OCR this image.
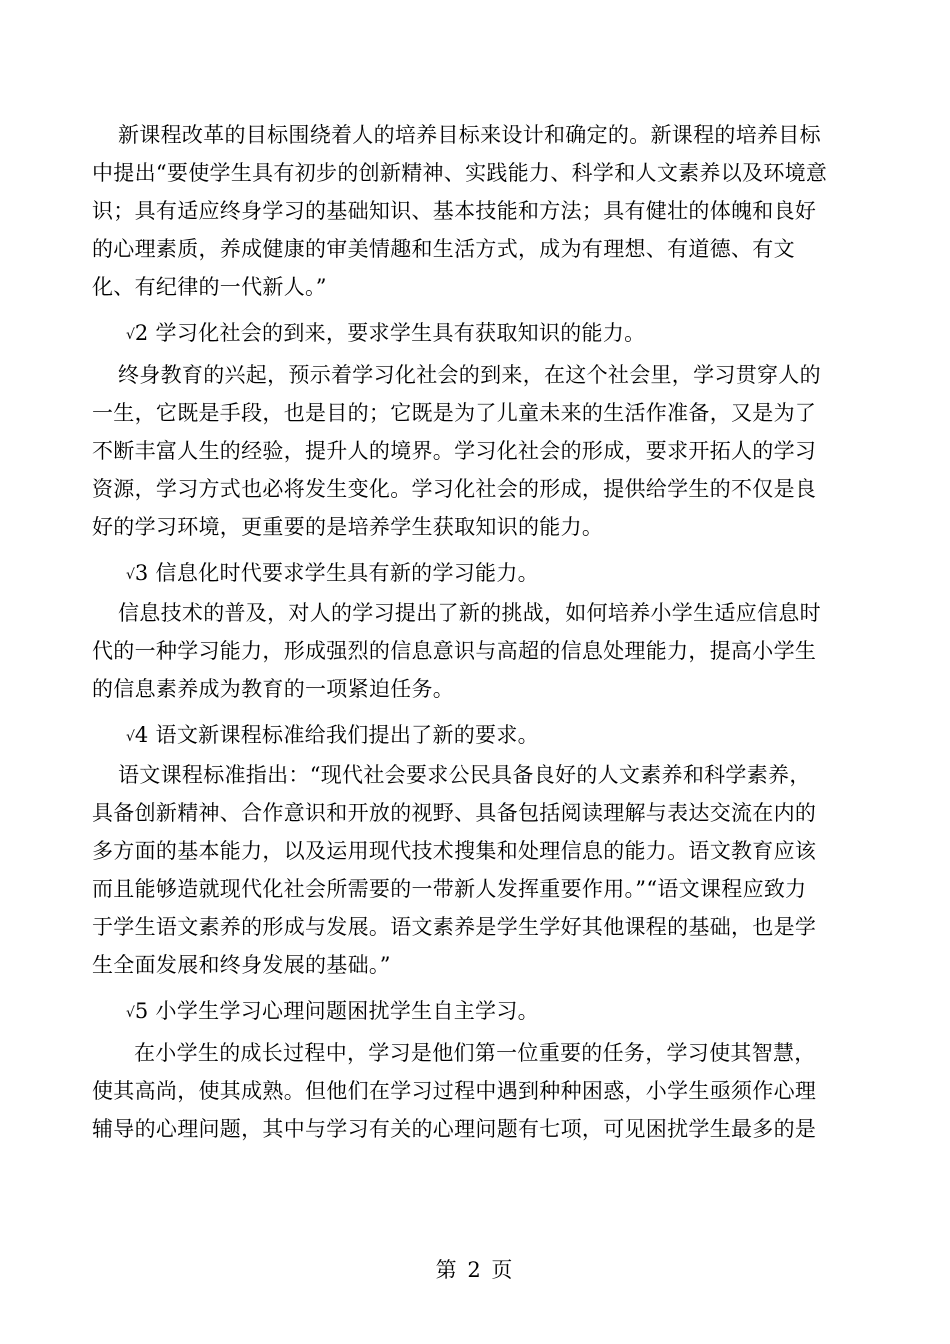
新课程改革的目标围绕着人的培养目标来设计和确定的。新课程的培养目标
中提出“要使学生具有初步的创新精神、实践能力、科学和人文素养以及环境意
识；具有适应终身学习的基础知识、基本技能和方法；具有健壮的体魄和良好
的心理素质，养成健康的审美情趣和生活方式，成为有理想、有道德、有文
化、有纪律的一代新人。”
√2 学习化社会的到来，要求学生具有获取知识的能力。
终身教育的兴起，预示着学习化社会的到来，在这个社会里，学习贯穿人的
一生，它既是手段，也是目的；它既是为了儿童未来的生活作准备，又是为了
不断丰富人生的经验，提升人的境界。学习化社会的形成，要求开拓人的学习
资源，学习方式也必将发生变化。学习化社会的形成，提供给学生的不仅是良
好的学习环境，更重要的是培养学生获取知识的能力。
√3 信息化时代要求学生具有新的学习能力。
信息技术的普及，对人的学习提出了新的挑战，如何培养小学生适应信息时
代的一种学习能力，形成强烈的信息意识与高超的信息处理能力，提高小学生
的信息素养成为教育的一项紧迫任务。
√4 语文新课程标准给我们提出了新的要求。
语文课程标准指出：“现代社会要求公民具备良好的人文素养和科学素养，
具备创新精神、合作意识和开放的视野、具备包括阅读理解与表达交流在内的
多方面的基本能力，以及运用现代技术搜集和处理信息的能力。语文教育应该
而且能够造就现代化社会所需要的一带新人发挥重要作用。”“语文课程应致力
于学生语文素养的形成与发展。语文素养是学生学好其他课程的基础，也是学
生全面发展和终身发展的基础。”
√5 小学生学习心理问题困扰学生自主学习。
在小学生的成长过程中，学习是他们第一位重要的任务，学习使其智慧，
使其高尚，使其成熟。但他们在学习过程中遇到种种困惑，小学生亟须作心理
辅导的心理问题，其中与学习有关的心理问题有七项，可见困扰学生最多的是
第 2 页
